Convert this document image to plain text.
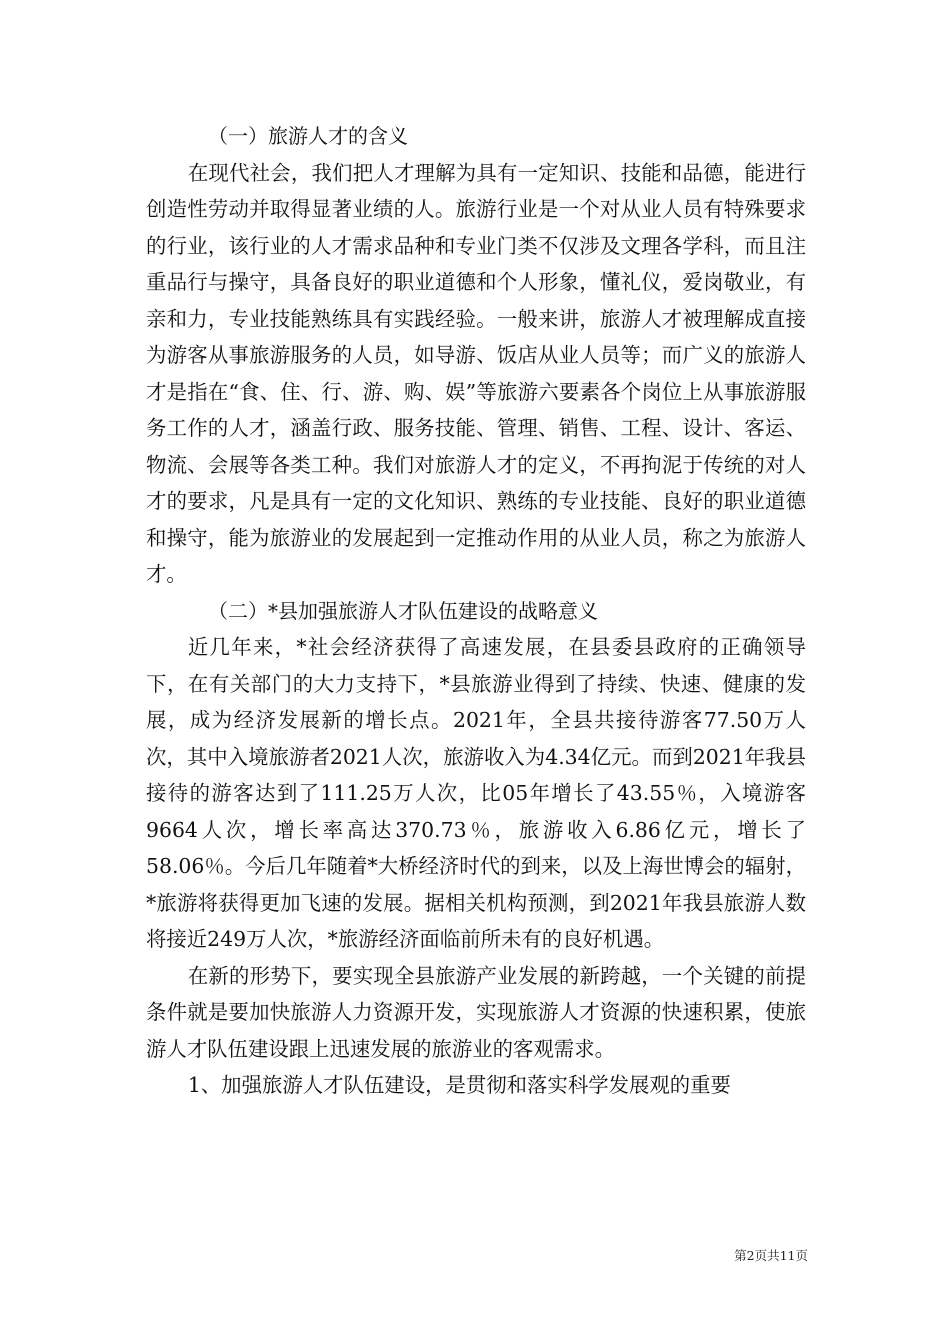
（一）旅游人才的含义

在现代社会，我们把人才理解为具有一定知识、技能和品德，能进行创造性劳动并取得显著业绩的人。旅游行业是一个对从业人员有特殊要求的行业，该行业的人才需求品种和专业门类不仅涉及文理各学科，而且注重品行与操守，具备良好的职业道德和个人形象，懂礼仪，爱岗敬业，有亲和力，专业技能熟练具有实践经验。一般来讲，旅游人才被理解成直接为游客从事旅游服务的人员，如导游、饭店从业人员等；而广义的旅游人才是指在“食、住、行、游、购、娱”等旅游六要素各个岗位上从事旅游服务工作的人才，涵盖行政、服务技能、管理、销售、工程、设计、客运、物流、会展等各类工种。我们对旅游人才的定义，不再拘泥于传统的对人才的要求，凡是具有一定的文化知识、熟练的专业技能、良好的职业道德和操守，能为旅游业的发展起到一定推动作用的从业人员，称之为旅游人才。

（二）*县加强旅游人才队伍建设的战略意义

近几年来，*社会经济获得了高速发展，在县委县政府的正确领导下，在有关部门的大力支持下，*县旅游业得到了持续、快速、健康的发展，成为经济发展新的增长点。2021年，全县共接待游客77.50万人次，其中入境旅游者2021人次，旅游收入为4.34亿元。而到2021年我县接待的游客达到了111.25万人次，比05年增长了43.55％，入境游客9664人次，增长率高达370.73％，旅游收入6.86亿元，增长了58.06％。今后几年随着*大桥经济时代的到来，以及上海世博会的辐射，*旅游将获得更加飞速的发展。据相关机构预测，到2021年我县旅游人数将接近249万人次，*旅游经济面临前所未有的良好机遇。

在新的形势下，要实现全县旅游产业发展的新跨越，一个关键的前提条件就是要加快旅游人力资源开发，实现旅游人才资源的快速积累，使旅游人才队伍建设跟上迅速发展的旅游业的客观需求。

1、加强旅游人才队伍建设，是贯彻和落实科学发展观的重要

第2页共11页
